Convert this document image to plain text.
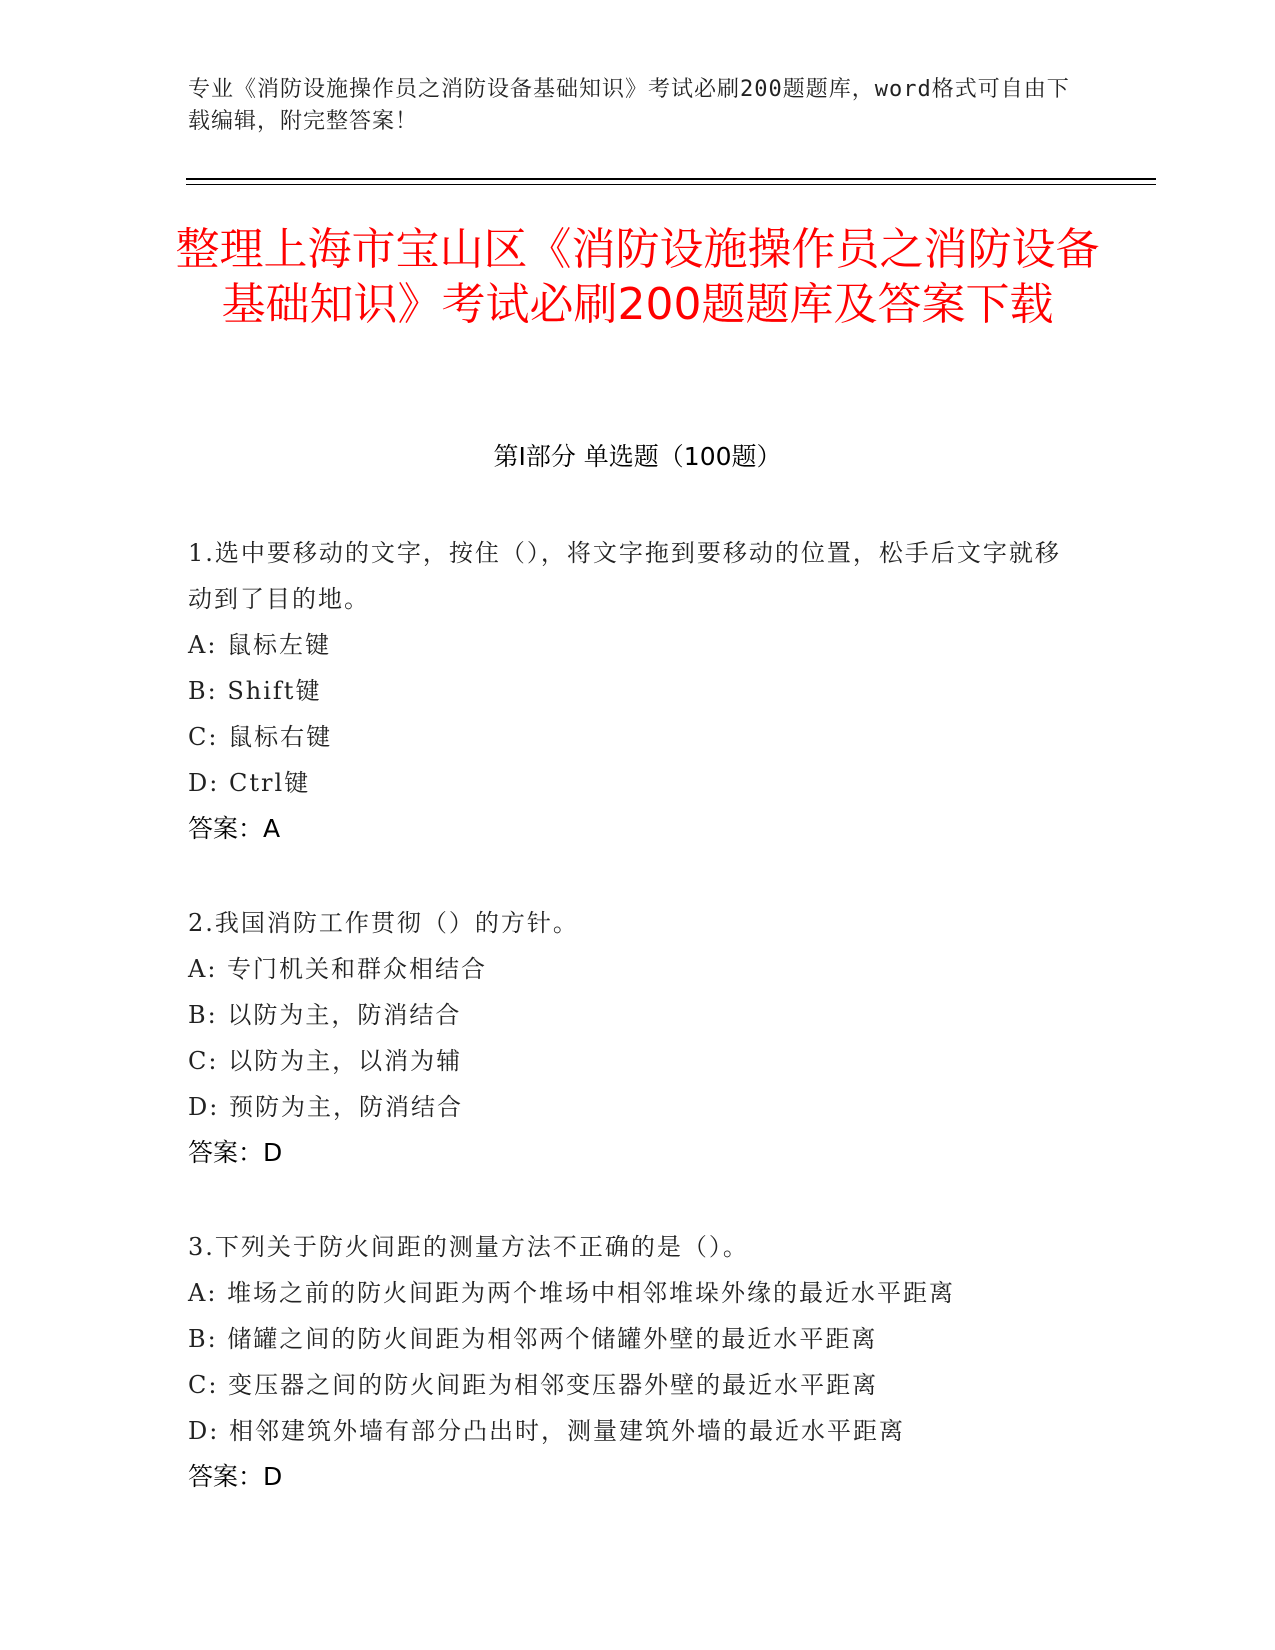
专业《消防设施操作员之消防设备基础知识》考试必刷200题题库，word格式可自由下载编辑，附完整答案！
整理上海市宝山区《消防设施操作员之消防设备基础知识》考试必刷200题题库及答案下载
第Ⅰ部分 单选题（100题）
1.选中要移动的文字，按住（），将文字拖到要移动的位置，松手后文字就移动到了目的地。
A: 鼠标左键
B: Shift键
C: 鼠标右键
D: Ctrl键
答案：A
2.我国消防工作贯彻（）的方针。
A: 专门机关和群众相结合
B: 以防为主，防消结合
C: 以防为主，以消为辅
D: 预防为主，防消结合
答案：D
3.下列关于防火间距的测量方法不正确的是（）。
A: 堆场之前的防火间距为两个堆场中相邻堆垛外缘的最近水平距离
B: 储罐之间的防火间距为相邻两个储罐外壁的最近水平距离
C: 变压器之间的防火间距为相邻变压器外壁的最近水平距离
D: 相邻建筑外墙有部分凸出时，测量建筑外墙的最近水平距离
答案：D
